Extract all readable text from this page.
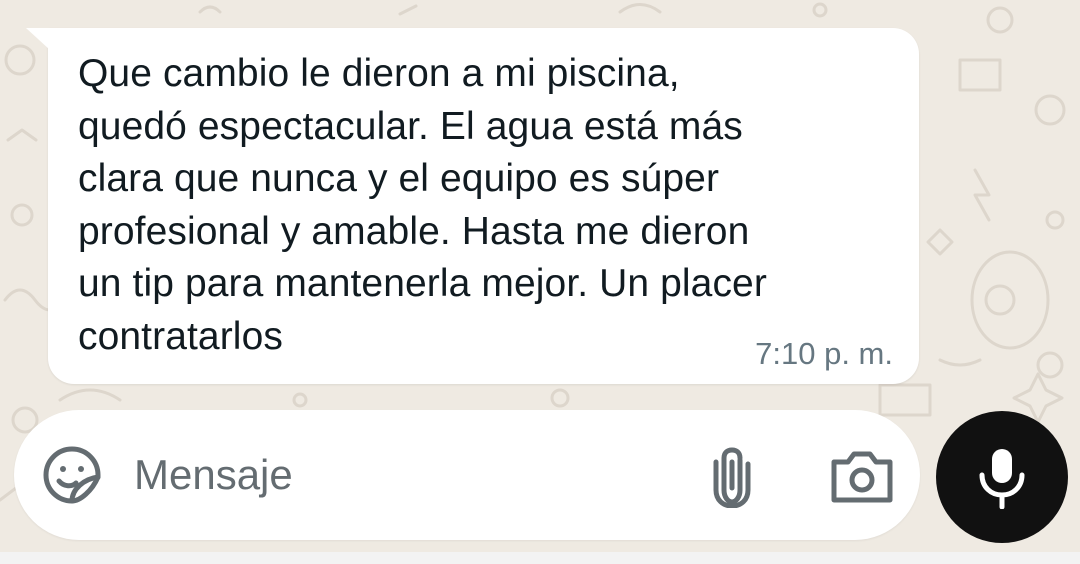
Que cambio le dieron a mi piscina,
quedó espectacular. El agua está más
clara que nunca y el equipo es súper
profesional y amable. Hasta me dieron
un tip para mantenerla mejor. Un placer
contratarlos	7:10 p. m.
Mensaje
